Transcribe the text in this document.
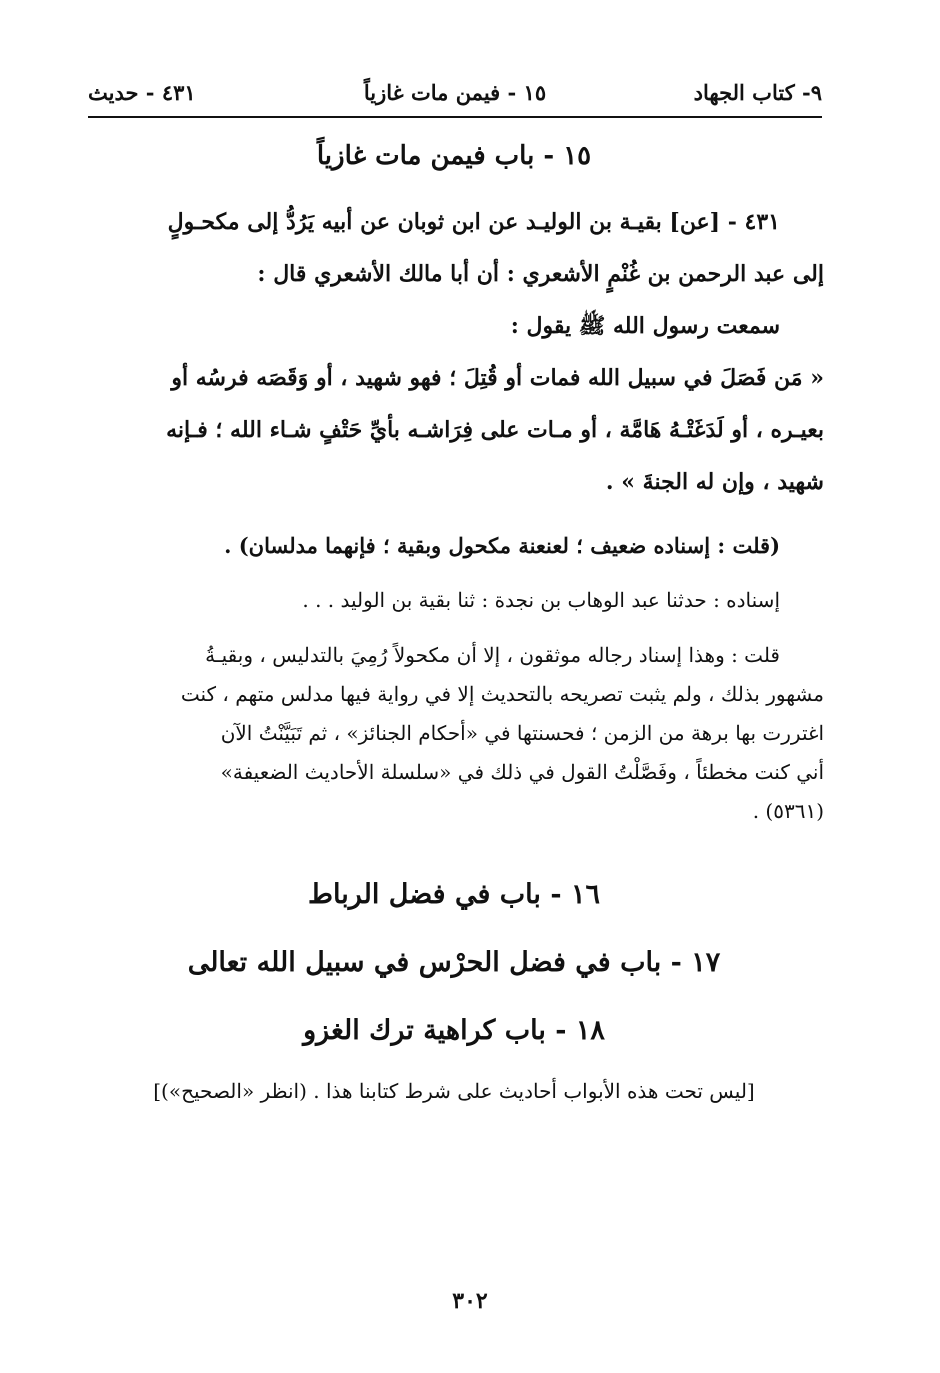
٩- كتاب الجهاد
١٥ - فيمن مات غازياً
٤٣١ - حديث
١٥ - باب فيمن مات غازياً
٤٣١ - [عن] بقيـة بن الوليـد عن ابن ثوبان عن أبيه يَرُدُّ إلى مكحـولٍ
إلى عبد الرحمن بن غُنْمٍ الأشعري : أن أبا مالك الأشعري قال :
سمعت رسول الله ﷺ يقول :
« مَن فَصَلَ في سبيل الله فمات أو قُتِلَ ؛ فهو شهيد ، أو وَقَصَه فرسُه أو
بعيـره ، أو لَدَغَتْـهُ هَامَّة ، أو مـات على فِرَاشـه بأيِّ حَتْفٍ شـاء الله ؛ فـإنه
شهيد ، وإن له الجنةَ » .

(قلت : إسناده ضعيف ؛ لعنعنة مكحول وبقية ؛ فإنهما مدلسان) .

إسناده : حدثنا عبد الوهاب بن نجدة : ثنا بقية بن الوليد . . .

قلت : وهذا إسناد رجاله موثقون ، إلا أن مكحولاً رُمِيَ بالتدليس ، وبقيـةُ
مشهور بذلك ، ولم يثبت تصريحه بالتحديث إلا في رواية فيها مدلس متهم ، كنت
اغتررت بها برهة من الزمن ؛ فحسنتها في «أحكام الجنائز» ، ثم تَبَيَّنْتُ الآن
أني كنت مخطئاً ، وفَصَّلْتُ القول في ذلك في «سلسلة الأحاديث الضعيفة»
(٥٣٦١) .
١٦ - باب في فضل الرباط
١٧ - باب في فضل الحرْس في سبيل الله تعالى
١٨ - باب كراهية ترك الغزو

[ليس تحت هذه الأبواب أحاديث على شرط كتابنا هذا . (انظر «الصحيح»)]

٣٠٢
